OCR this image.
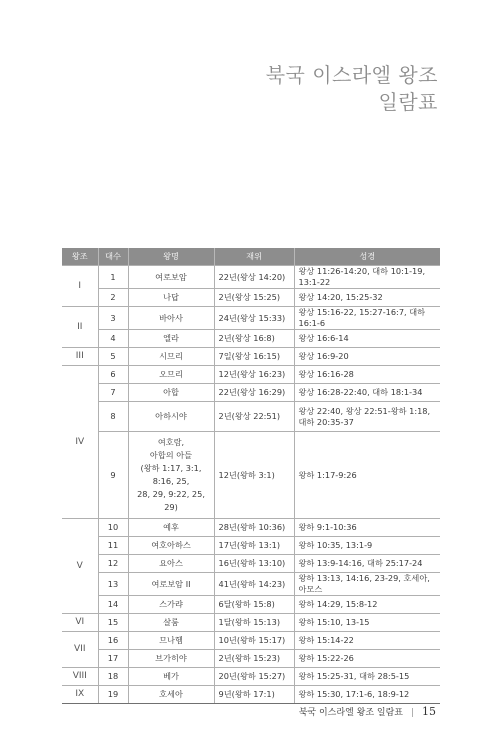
북국 이스라엘 왕조
일람표
왕조	대수	왕명	재위	성경
I	1	여로보암	22년(왕상 14:20)	왕상 11:26-14:20, 대하 10:1-19, 13:1-22
	2	나답	2년(왕상 15:25)	왕상 14:20, 15:25-32
II	3	바아사	24년(왕상 15:33)	왕상 15:16-22, 15:27-16:7, 대하 16:1-6
	4	엘라	2년(왕상 16:8)	왕상 16:6-14
III	5	시므리	7일(왕상 16:15)	왕상 16:9-20
IV	6	오므리	12년(왕상 16:23)	왕상 16:16-28
	7	아합	22년(왕상 16:29)	왕상 16:28-22:40, 대하 18:1-34
	8	아하시야	2년(왕상 22:51)	왕상 22:40, 왕상 22:51-왕하 1:18,
대하 20:35-37

	9	여호람,
아합의 아들
(왕하 1:17, 3:1, 8:16, 25,
28, 29, 9:22, 25, 29)	12년(왕하 3:1)	왕하 1:17-9:26
V	10	예후	28년(왕하 10:36)	왕하 9:1-10:36
	11	여호아하스	17년(왕하 13:1)	왕하 10:35, 13:1-9
	12	요아스	16년(왕하 13:10)	왕하 13:9-14:16, 대하 25:17-24
	13	여로보암 II	41년(왕하 14:23)	왕하 13:13, 14:16, 23-29, 호세아, 아모스
	14	스가랴	6달(왕하 15:8)	왕하 14:29, 15:8-12
VI	15	살룸	1달(왕하 15:13)	왕하 15:10, 13-15
VII	16	므나헴	10년(왕하 15:17)	왕하 15:14-22
	17	브가히야	2년(왕하 15:23)	왕하 15:22-26
VIII	18	베가	20년(왕하 15:27)	왕하 15:25-31, 대하 28:5-15
IX	19	호세아	9년(왕하 17:1)	왕하 15:30, 17:1-6, 18:9-12
북국 이스라엘 왕조 일람표 | 15
